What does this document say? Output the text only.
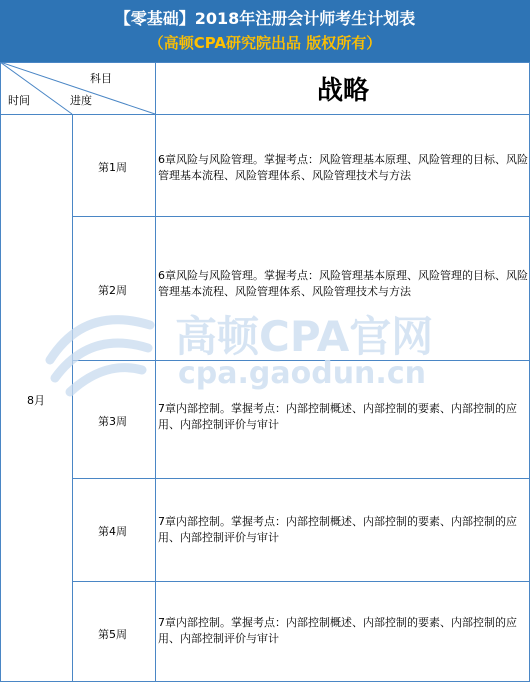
【零基础】2018年注册会计师考生计划表
（高顿CPA研究院出品 版权所有）
科目
进度
时间	战略
8月
第1周
6章风险与风险管理。掌握考点：风险管理基本原理、风险管理的目标、风险管理基本流程、风险管理体系、风险管理技术与方法
第2周
6章风险与风险管理。掌握考点：风险管理基本原理、风险管理的目标、风险管理基本流程、风险管理体系、风险管理技术与方法
第3周
7章内部控制。掌握考点：内部控制概述、内部控制的要素、内部控制的应用、内部控制评价与审计
第4周
7章内部控制。掌握考点：内部控制概述、内部控制的要素、内部控制的应用、内部控制评价与审计
第5周
7章内部控制。掌握考点：内部控制概述、内部控制的要素、内部控制的应用、内部控制评价与审计
高顿CPA官网
cpa.gaodun.cn
